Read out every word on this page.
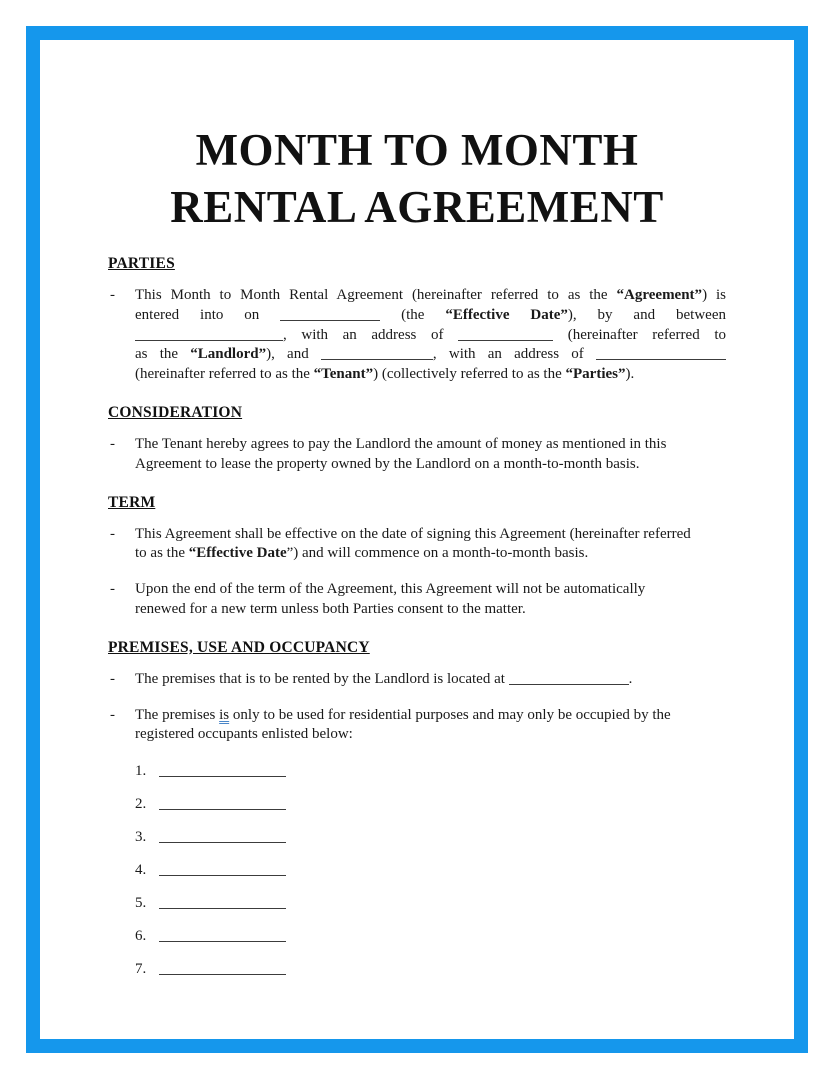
MONTH TO MONTH
RENTAL AGREEMENT
PARTIES
- This Month to Month Rental Agreement (hereinafter referred to as the “Agreement”) is
entered into on	(the “Effective Date”), by and between
, with an address of	(hereinafter referred to
as the “Landlord”), and	, with an address of
(hereinafter referred to as the “Tenant”) (collectively referred to as the “Parties”).
CONSIDERATION
- The Tenant hereby agrees to pay the Landlord the amount of money as mentioned in this
Agreement to lease the property owned by the Landlord on a month-to-month basis.
TERM
- This Agreement shall be effective on the date of signing this Agreement (hereinafter referred
to as the “Effective Date”) and will commence on a month-to-month basis.
- Upon the end of the term of the Agreement, this Agreement will not be automatically
renewed for a new term unless both Parties consent to the matter.
PREMISES, USE AND OCCUPANCY
- The premises that is to be rented by the Landlord is located at	.
- The premises is only to be used for residential purposes and may only be occupied by the
registered occupants enlisted below:
1.
2.
3.
4.
5.
6.
7.
